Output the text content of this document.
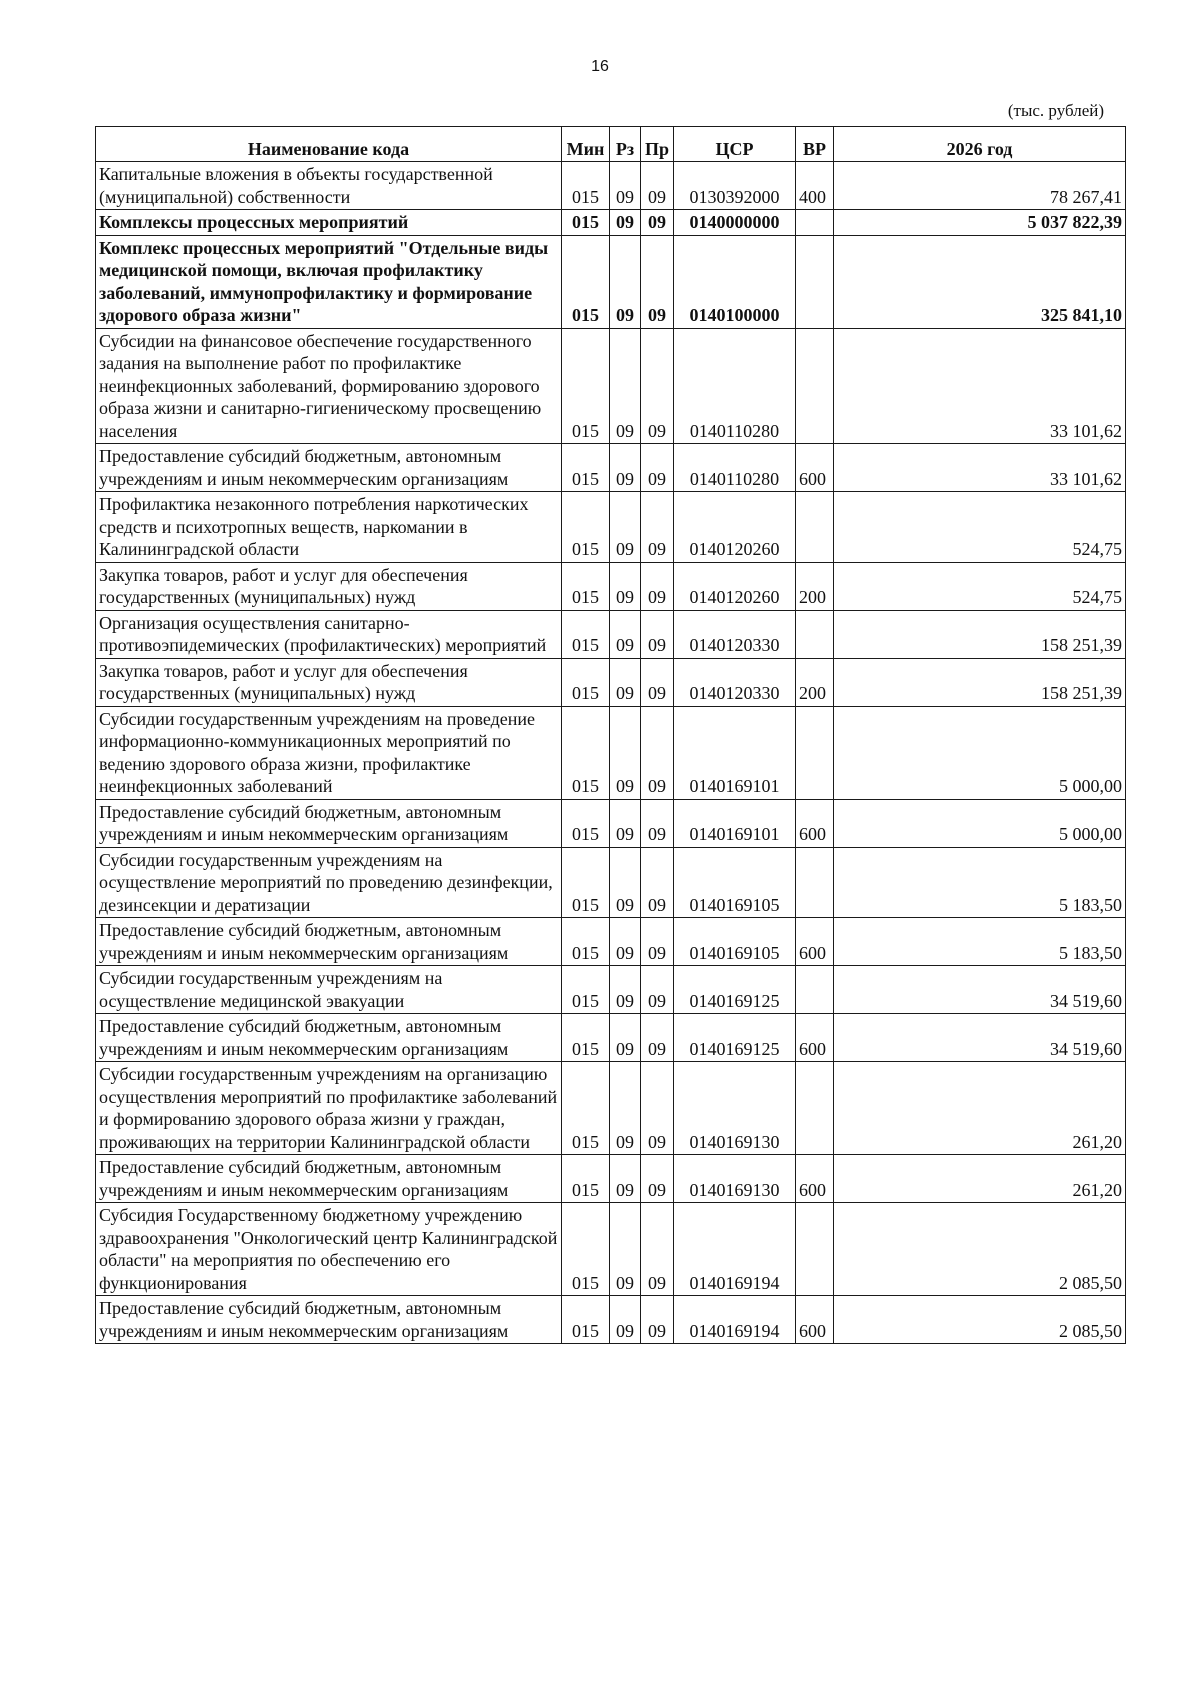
16
(тыс. рублей)
Наименование кода	Мин	Рз	Пр	ЦСР	ВР	2026 год
Капитальные вложения в объекты государственной (муниципальной) собственности	015	09	09	0130392000	400	78 267,41
Комплексы процессных мероприятий	015	09	09	0140000000		5 037 822,39
Комплекс процессных мероприятий "Отдельные виды медицинской помощи, включая профилактику заболеваний, иммунопрофилактику и формирование здорового образа жизни"	015	09	09	0140100000		325 841,10
Субсидии на финансовое обеспечение государственного задания на выполнение работ по профилактике неинфекционных заболеваний, формированию здорового образа жизни и санитарно-гигиеническому просвещению населения	015	09	09	0140110280		33 101,62
Предоставление субсидий бюджетным, автономным учреждениям и иным некоммерческим организациям	015	09	09	0140110280	600	33 101,62
Профилактика незаконного потребления наркотических средств и психотропных веществ, наркомании в Калининградской области	015	09	09	0140120260		524,75
Закупка товаров, работ и услуг для обеспечения государственных (муниципальных) нужд	015	09	09	0140120260	200	524,75
Организация осуществления санитарно-противоэпидемических (профилактических) мероприятий	015	09	09	0140120330		158 251,39
Закупка товаров, работ и услуг для обеспечения государственных (муниципальных) нужд	015	09	09	0140120330	200	158 251,39
Субсидии государственным учреждениям на проведение информационно-коммуникационных мероприятий по ведению здорового образа жизни, профилактике неинфекционных заболеваний	015	09	09	0140169101		5 000,00
Предоставление субсидий бюджетным, автономным учреждениям и иным некоммерческим организациям	015	09	09	0140169101	600	5 000,00
Субсидии государственным учреждениям на осуществление мероприятий по проведению дезинфекции, дезинсекции и дератизации	015	09	09	0140169105		5 183,50
Предоставление субсидий бюджетным, автономным учреждениям и иным некоммерческим организациям	015	09	09	0140169105	600	5 183,50
Субсидии государственным учреждениям на осуществление медицинской эвакуации	015	09	09	0140169125		34 519,60
Предоставление субсидий бюджетным, автономным учреждениям и иным некоммерческим организациям	015	09	09	0140169125	600	34 519,60
Субсидии государственным учреждениям на организацию осуществления мероприятий по профилактике заболеваний и формированию здорового образа жизни у граждан, проживающих на территории Калининградской области	015	09	09	0140169130		261,20
Предоставление субсидий бюджетным, автономным учреждениям и иным некоммерческим организациям	015	09	09	0140169130	600	261,20
Субсидия Государственному бюджетному учреждению здравоохранения "Онкологический центр Калининградской области" на мероприятия по обеспечению его функционирования	015	09	09	0140169194		2 085,50
Предоставление субсидий бюджетным, автономным учреждениям и иным некоммерческим организациям	015	09	09	0140169194	600	2 085,50
